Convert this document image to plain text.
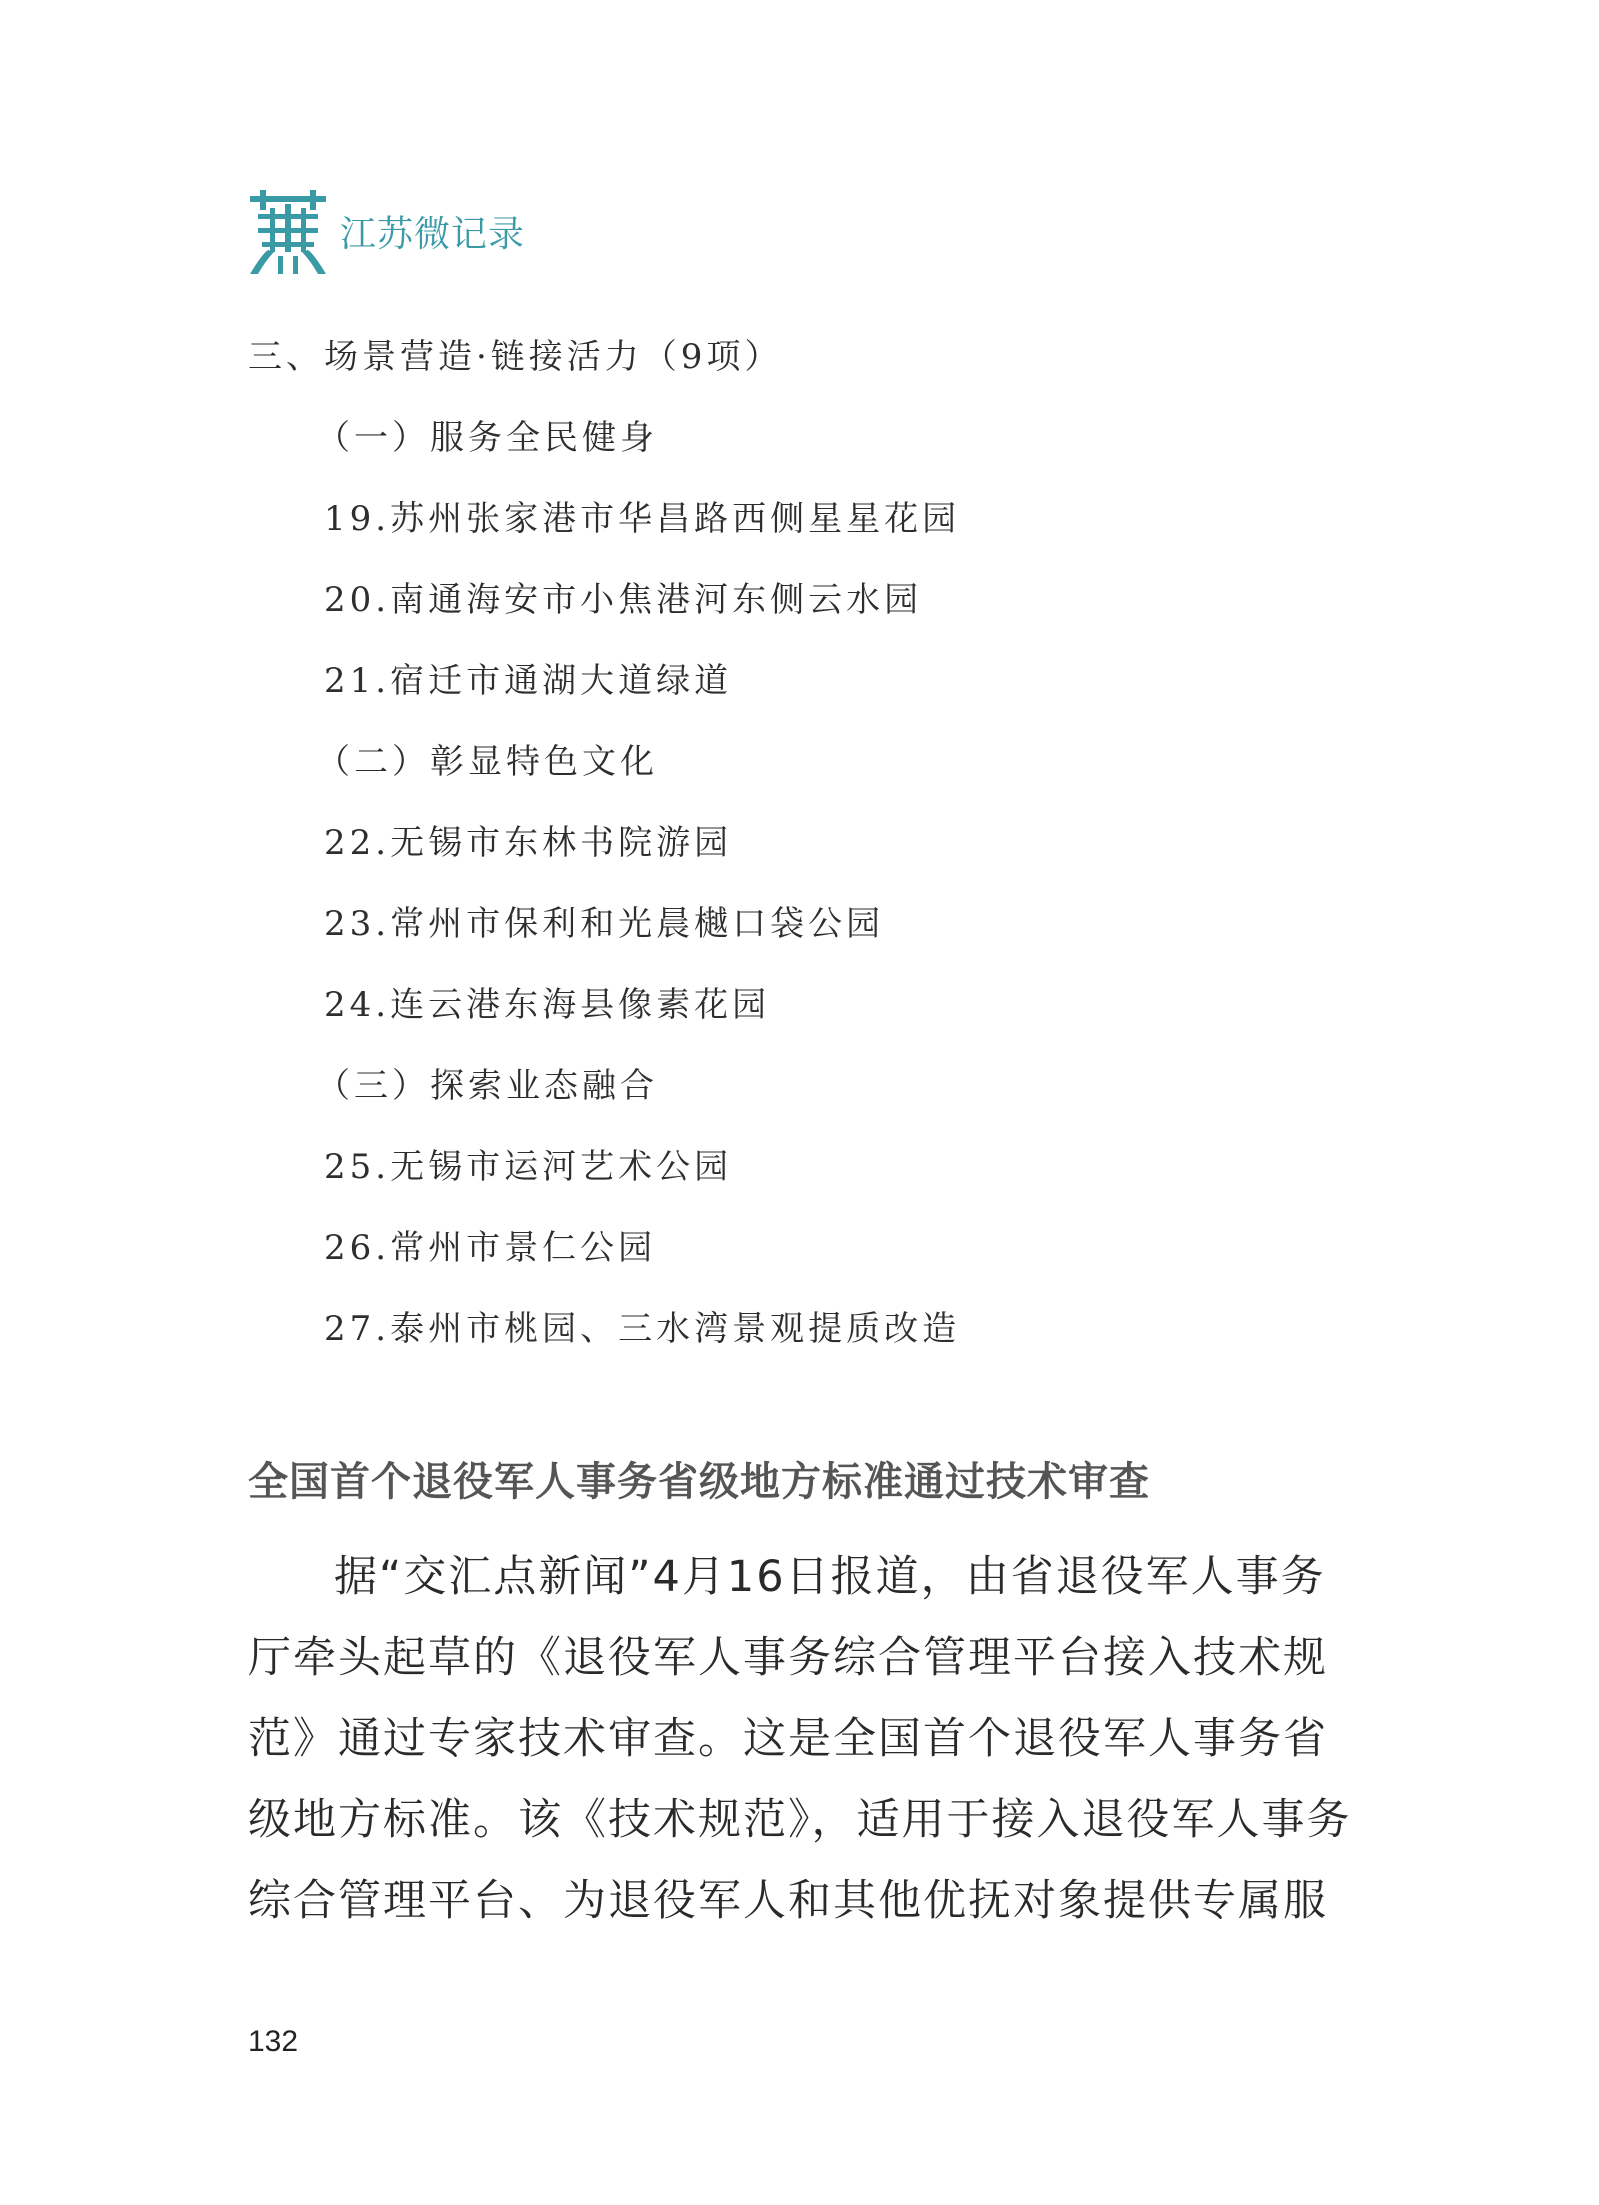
江苏微记录
三、场景营造·链接活力（9项）
（一）服务全民健身
19.苏州张家港市华昌路西侧星星花园
20.南通海安市小焦港河东侧云水园
21.宿迁市通湖大道绿道
（二）彰显特色文化
22.无锡市东林书院游园
23.常州市保利和光晨樾口袋公园
24.连云港东海县像素花园
（三）探索业态融合
25.无锡市运河艺术公园
26.常州市景仁公园
27.泰州市桃园、三水湾景观提质改造
全国首个退役军人事务省级地方标准通过技术审查
据“交汇点新闻”4月16日报道，由省退役军人事务
厅牵头起草的《退役军人事务综合管理平台接入技术规
范》通过专家技术审查。这是全国首个退役军人事务省
级地方标准。该《技术规范》，适用于接入退役军人事务
综合管理平台、为退役军人和其他优抚对象提供专属服
132
